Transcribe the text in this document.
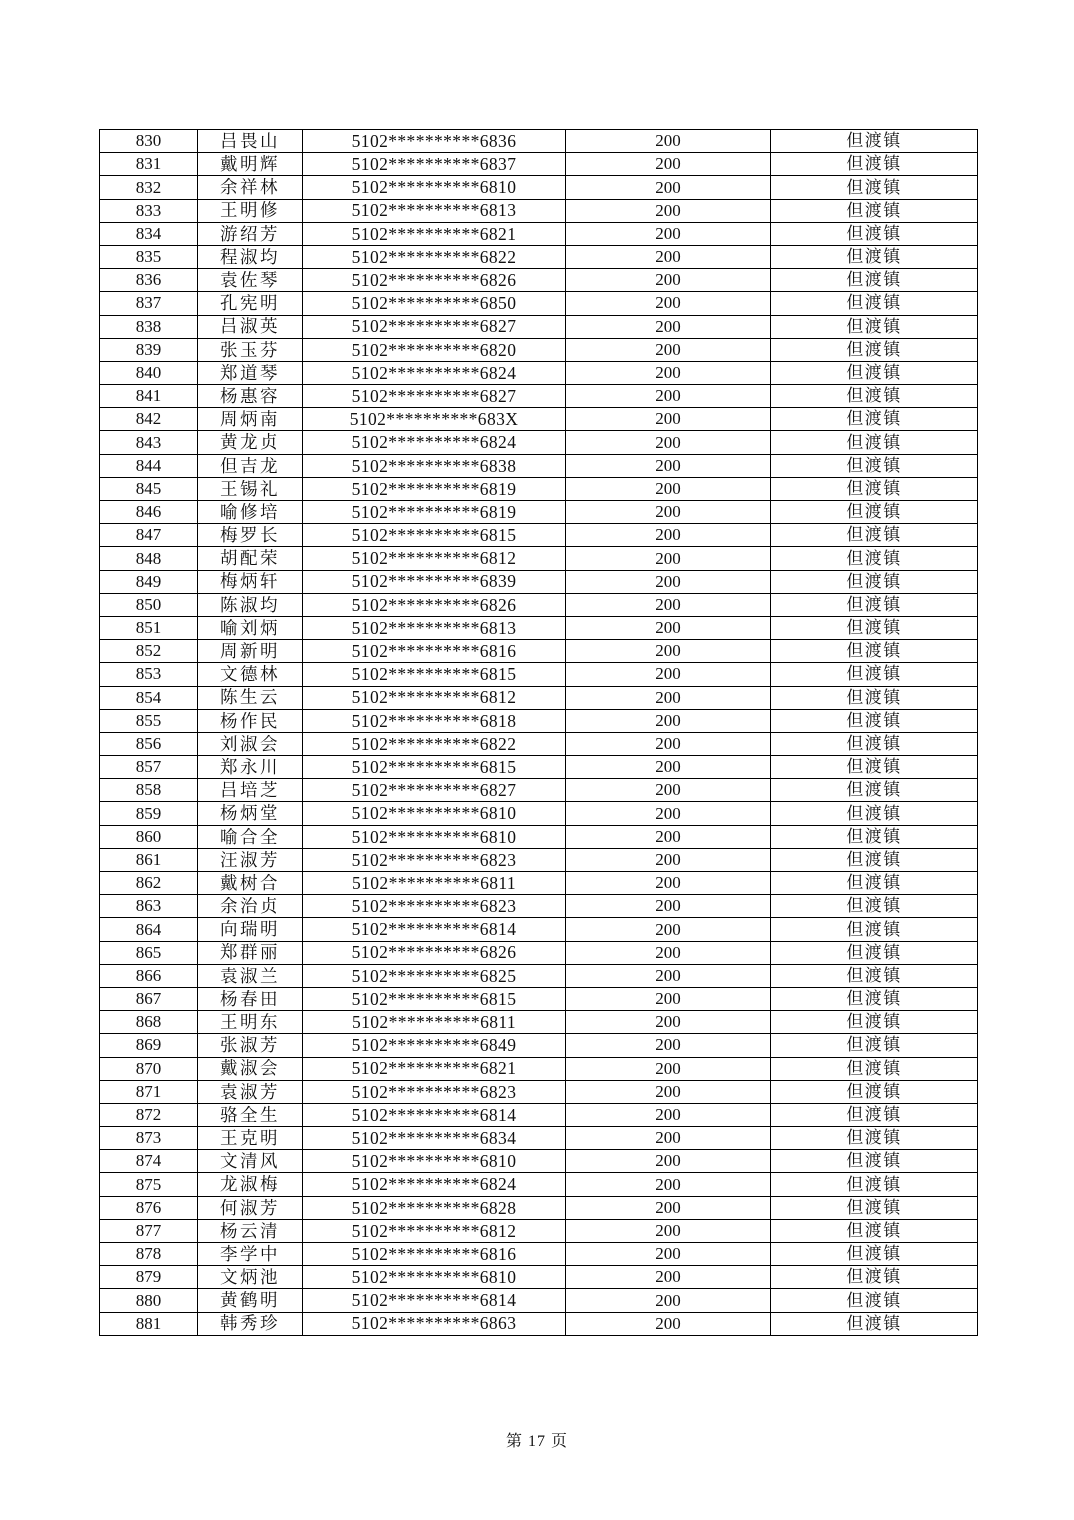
830	吕畏山	5102**********6836	200	但渡镇
831	戴明辉	5102**********6837	200	但渡镇
832	余祥林	5102**********6810	200	但渡镇
833	王明修	5102**********6813	200	但渡镇
834	游绍芳	5102**********6821	200	但渡镇
835	程淑均	5102**********6822	200	但渡镇
836	袁佐琴	5102**********6826	200	但渡镇
837	孔宪明	5102**********6850	200	但渡镇
838	吕淑英	5102**********6827	200	但渡镇
839	张玉芬	5102**********6820	200	但渡镇
840	郑道琴	5102**********6824	200	但渡镇
841	杨惠容	5102**********6827	200	但渡镇
842	周炳南	5102**********683X	200	但渡镇
843	黄龙贞	5102**********6824	200	但渡镇
844	但吉龙	5102**********6838	200	但渡镇
845	王锡礼	5102**********6819	200	但渡镇
846	喻修培	5102**********6819	200	但渡镇
847	梅罗长	5102**********6815	200	但渡镇
848	胡配荣	5102**********6812	200	但渡镇
849	梅炳轩	5102**********6839	200	但渡镇
850	陈淑均	5102**********6826	200	但渡镇
851	喻刘炳	5102**********6813	200	但渡镇
852	周新明	5102**********6816	200	但渡镇
853	文德林	5102**********6815	200	但渡镇
854	陈生云	5102**********6812	200	但渡镇
855	杨作民	5102**********6818	200	但渡镇
856	刘淑会	5102**********6822	200	但渡镇
857	郑永川	5102**********6815	200	但渡镇
858	吕培芝	5102**********6827	200	但渡镇
859	杨炳堂	5102**********6810	200	但渡镇
860	喻合全	5102**********6810	200	但渡镇
861	汪淑芳	5102**********6823	200	但渡镇
862	戴树合	5102**********6811	200	但渡镇
863	余治贞	5102**********6823	200	但渡镇
864	向瑞明	5102**********6814	200	但渡镇
865	郑群丽	5102**********6826	200	但渡镇
866	袁淑兰	5102**********6825	200	但渡镇
867	杨春田	5102**********6815	200	但渡镇
868	王明东	5102**********6811	200	但渡镇
869	张淑芳	5102**********6849	200	但渡镇
870	戴淑会	5102**********6821	200	但渡镇
871	袁淑芳	5102**********6823	200	但渡镇
872	骆全生	5102**********6814	200	但渡镇
873	王克明	5102**********6834	200	但渡镇
874	文清风	5102**********6810	200	但渡镇
875	龙淑梅	5102**********6824	200	但渡镇
876	何淑芳	5102**********6828	200	但渡镇
877	杨云清	5102**********6812	200	但渡镇
878	李学中	5102**********6816	200	但渡镇
879	文炳池	5102**********6810	200	但渡镇
880	黄鹤明	5102**********6814	200	但渡镇
881	韩秀珍	5102**********6863	200	但渡镇
第 17 页
